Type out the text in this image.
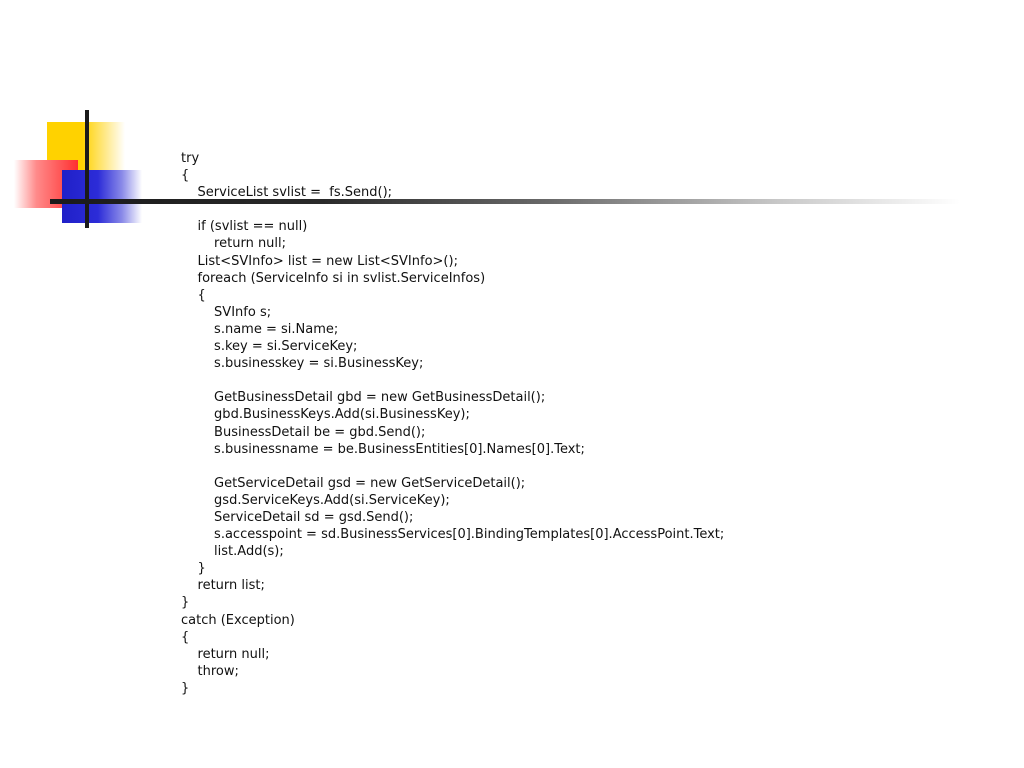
try
{
ServiceList svlist =  fs.Send();
if (svlist == null)
return null;
List<SVInfo> list = new List<SVInfo>();
foreach (ServiceInfo si in svlist.ServiceInfos)
{
SVInfo s;
s.name = si.Name;
s.key = si.ServiceKey;
s.businesskey = si.BusinessKey;
GetBusinessDetail gbd = new GetBusinessDetail();
gbd.BusinessKeys.Add(si.BusinessKey);
BusinessDetail be = gbd.Send();
s.businessname = be.BusinessEntities[0].Names[0].Text;
GetServiceDetail gsd = new GetServiceDetail();
gsd.ServiceKeys.Add(si.ServiceKey);
ServiceDetail sd = gsd.Send();
s.accesspoint = sd.BusinessServices[0].BindingTemplates[0].AccessPoint.Text;
list.Add(s);
}
return list;
}
catch (Exception)
{
return null;
throw;
}
